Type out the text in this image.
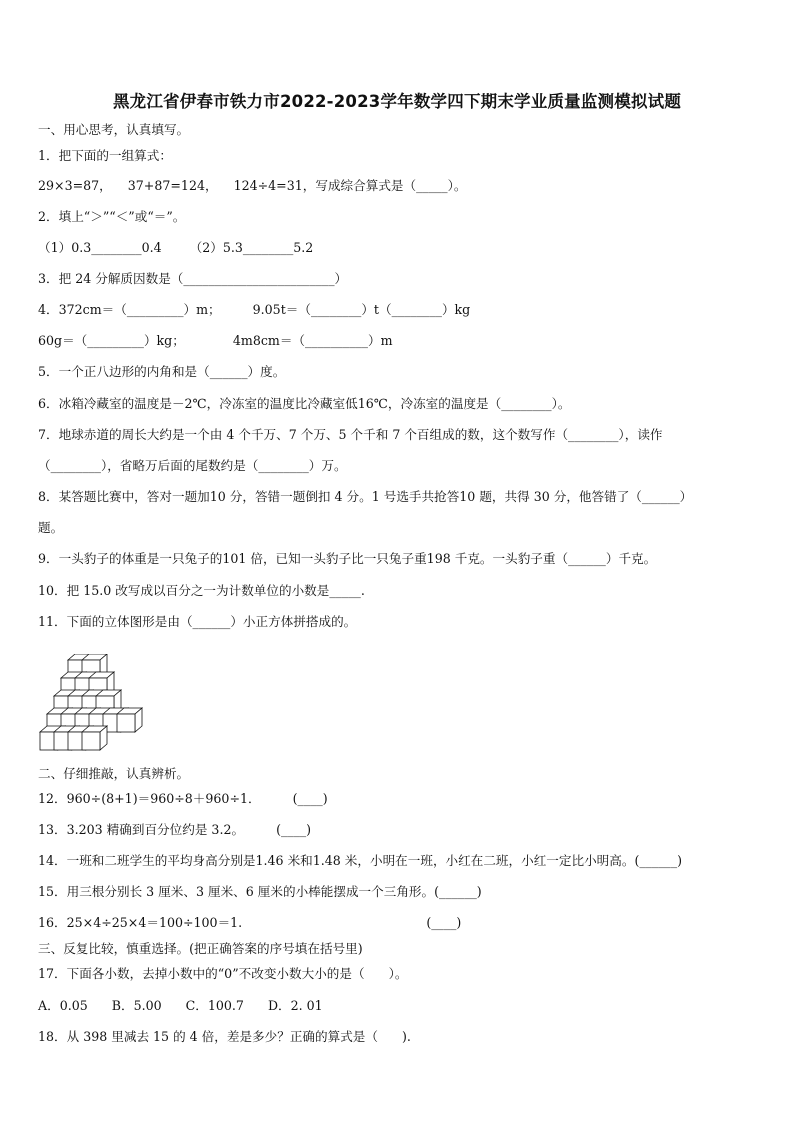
黑龙江省伊春市铁力市2022-2023学年数学四下期末学业质量监测模拟试题
一、用心思考，认真填写。
1．把下面的一组算式：
29×3=87，    37+87=124，    124÷4=31，写成综合算式是（_____）。
2．填上“＞”“＜”或“＝”。
（1）0.3________0.4       （2）5.3________5.2
3．把 24 分解质因数是（________________________）
4．372cm＝（_________）m；        9.05t＝（________）t（________）kg
60g＝（_________）kg；            4m8cm＝（__________）m
5．一个正八边形的内角和是（______）度。
6．冰箱冷藏室的温度是－2℃，冷冻室的温度比冷藏室低16℃，冷冻室的温度是（________）。
7．地球赤道的周长大约是一个由 4 个千万、7 个万、5 个千和 7 个百组成的数，这个数写作（________），读作
（________），省略万后面的尾数约是（________）万。
8．某答题比赛中，答对一题加10 分，答错一题倒扣 4 分。1 号选手共抢答10 题，共得 30 分，他答错了（______）
题。
9．一头豹子的体重是一只兔子的101 倍，已知一头豹子比一只兔子重198 千克。一头豹子重（______）千克。
10．把 15.0 改写成以百分之一为计数单位的小数是_____.
11．下面的立体图形是由（______）小正方体拼搭成的。
二、仔细推敲，认真辨析。
12．960÷(8+1)＝960÷8＋960÷1．        (____)
13．3.203 精确到百分位约是 3.2。        (____)
14．一班和二班学生的平均身高分别是1.46 米和1.48 米，小明在一班，小红在二班，小红一定比小明高。(______)
15．用三根分别长 3 厘米、3 厘米、6 厘米的小棒能摆成一个三角形。(______)
16．25×4÷25×4＝100÷100＝1.                                              (____)
三、反复比较，慎重选择。(把正确答案的序号填在括号里)
17．下面各小数，去掉小数中的“0”不改变小数大小的是（      ）。
A．0.05      B．5.00      C．100.7      D．2. 01
18．从 398 里减去 15 的 4 倍，差是多少？正确的算式是（      ).
